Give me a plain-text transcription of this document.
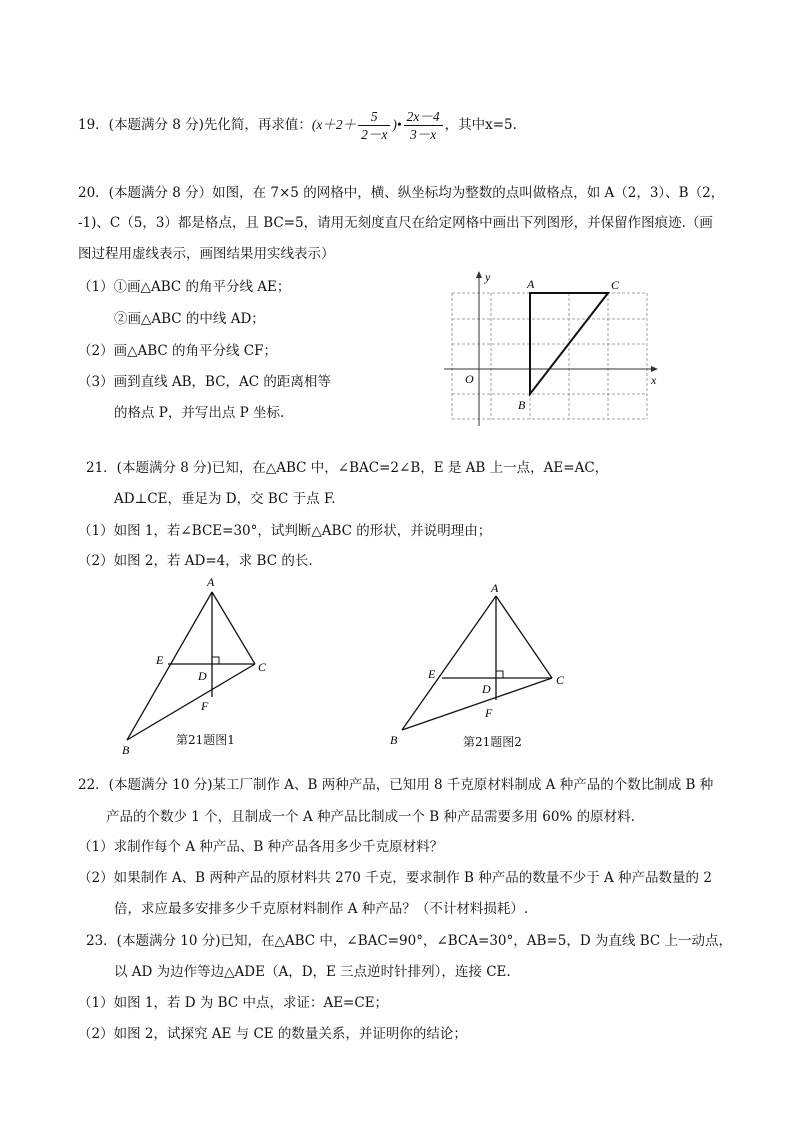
19．(本题满分 8 分)先化简，再求值：($x+2+ \frac{5}{2-x}$ )• $\frac{2x-4}{3-x}$ ，其中x=5.
20．(本题满分 8 分）如图，在 7×5 的网格中，横、纵坐标均为整数的点叫做格点，如 A（2，3）、B（2，
-1)、C（5，3）都是格点，且 BC=5，请用无刻度直尺在给定网格中画出下列图形，并保留作图痕迹.（画
图过程用虚线表示，画图结果用实线表示）
（1）①画△ABC 的角平分线 AE；
②画△ABC 的中线 AD；
（2）画△ABC 的角平分线 CF；
（3）画到直线 AB，BC，AC 的距离相等
的格点 P，并写出点 P 坐标.
y
x
O
A
B
C
21．(本题满分 8 分)已知，在△ABC 中，∠BAC=2∠B，E 是 AB 上一点，AE=AC，
AD⊥CE，垂足为 D，交 BC 于点 F.
（1）如图 1，若∠BCE=30°，试判断△ABC 的形状，并说明理由；
（2）如图 2，若 AD=4，求 BC 的长.
A
E	C
D
F
B
第21题图1
A
E	C
D
F
B	第21题图2
22．(本题满分 10 分)某工厂制作 A、B 两种产品，已知用 8 千克原材料制成 A 种产品的个数比制成 B 种
产品的个数少 1 个，且制成一个 A 种产品比制成一个 B 种产品需要多用 60% 的原材料.
（1）求制作每个 A 种产品、B 种产品各用多少千克原材料？
（2）如果制作 A、B 两种产品的原材料共 270 千克，要求制作 B 种产品的数量不少于 A 种产品数量的 2
倍，求应最多安排多少千克原材料制作 A 种产品？（不计材料损耗）.
23．(本题满分 10 分)已知，在△ABC 中，∠BAC=90°，∠BCA=30°，AB=5，D 为直线 BC 上一动点，
以 AD 为边作等边△ADE（A，D，E 三点逆时针排列），连接 CE.
（1）如图 1，若 D 为 BC 中点，求证：AE=CE；
（2）如图 2，试探究 AE 与 CE 的数量关系，并证明你的结论；
